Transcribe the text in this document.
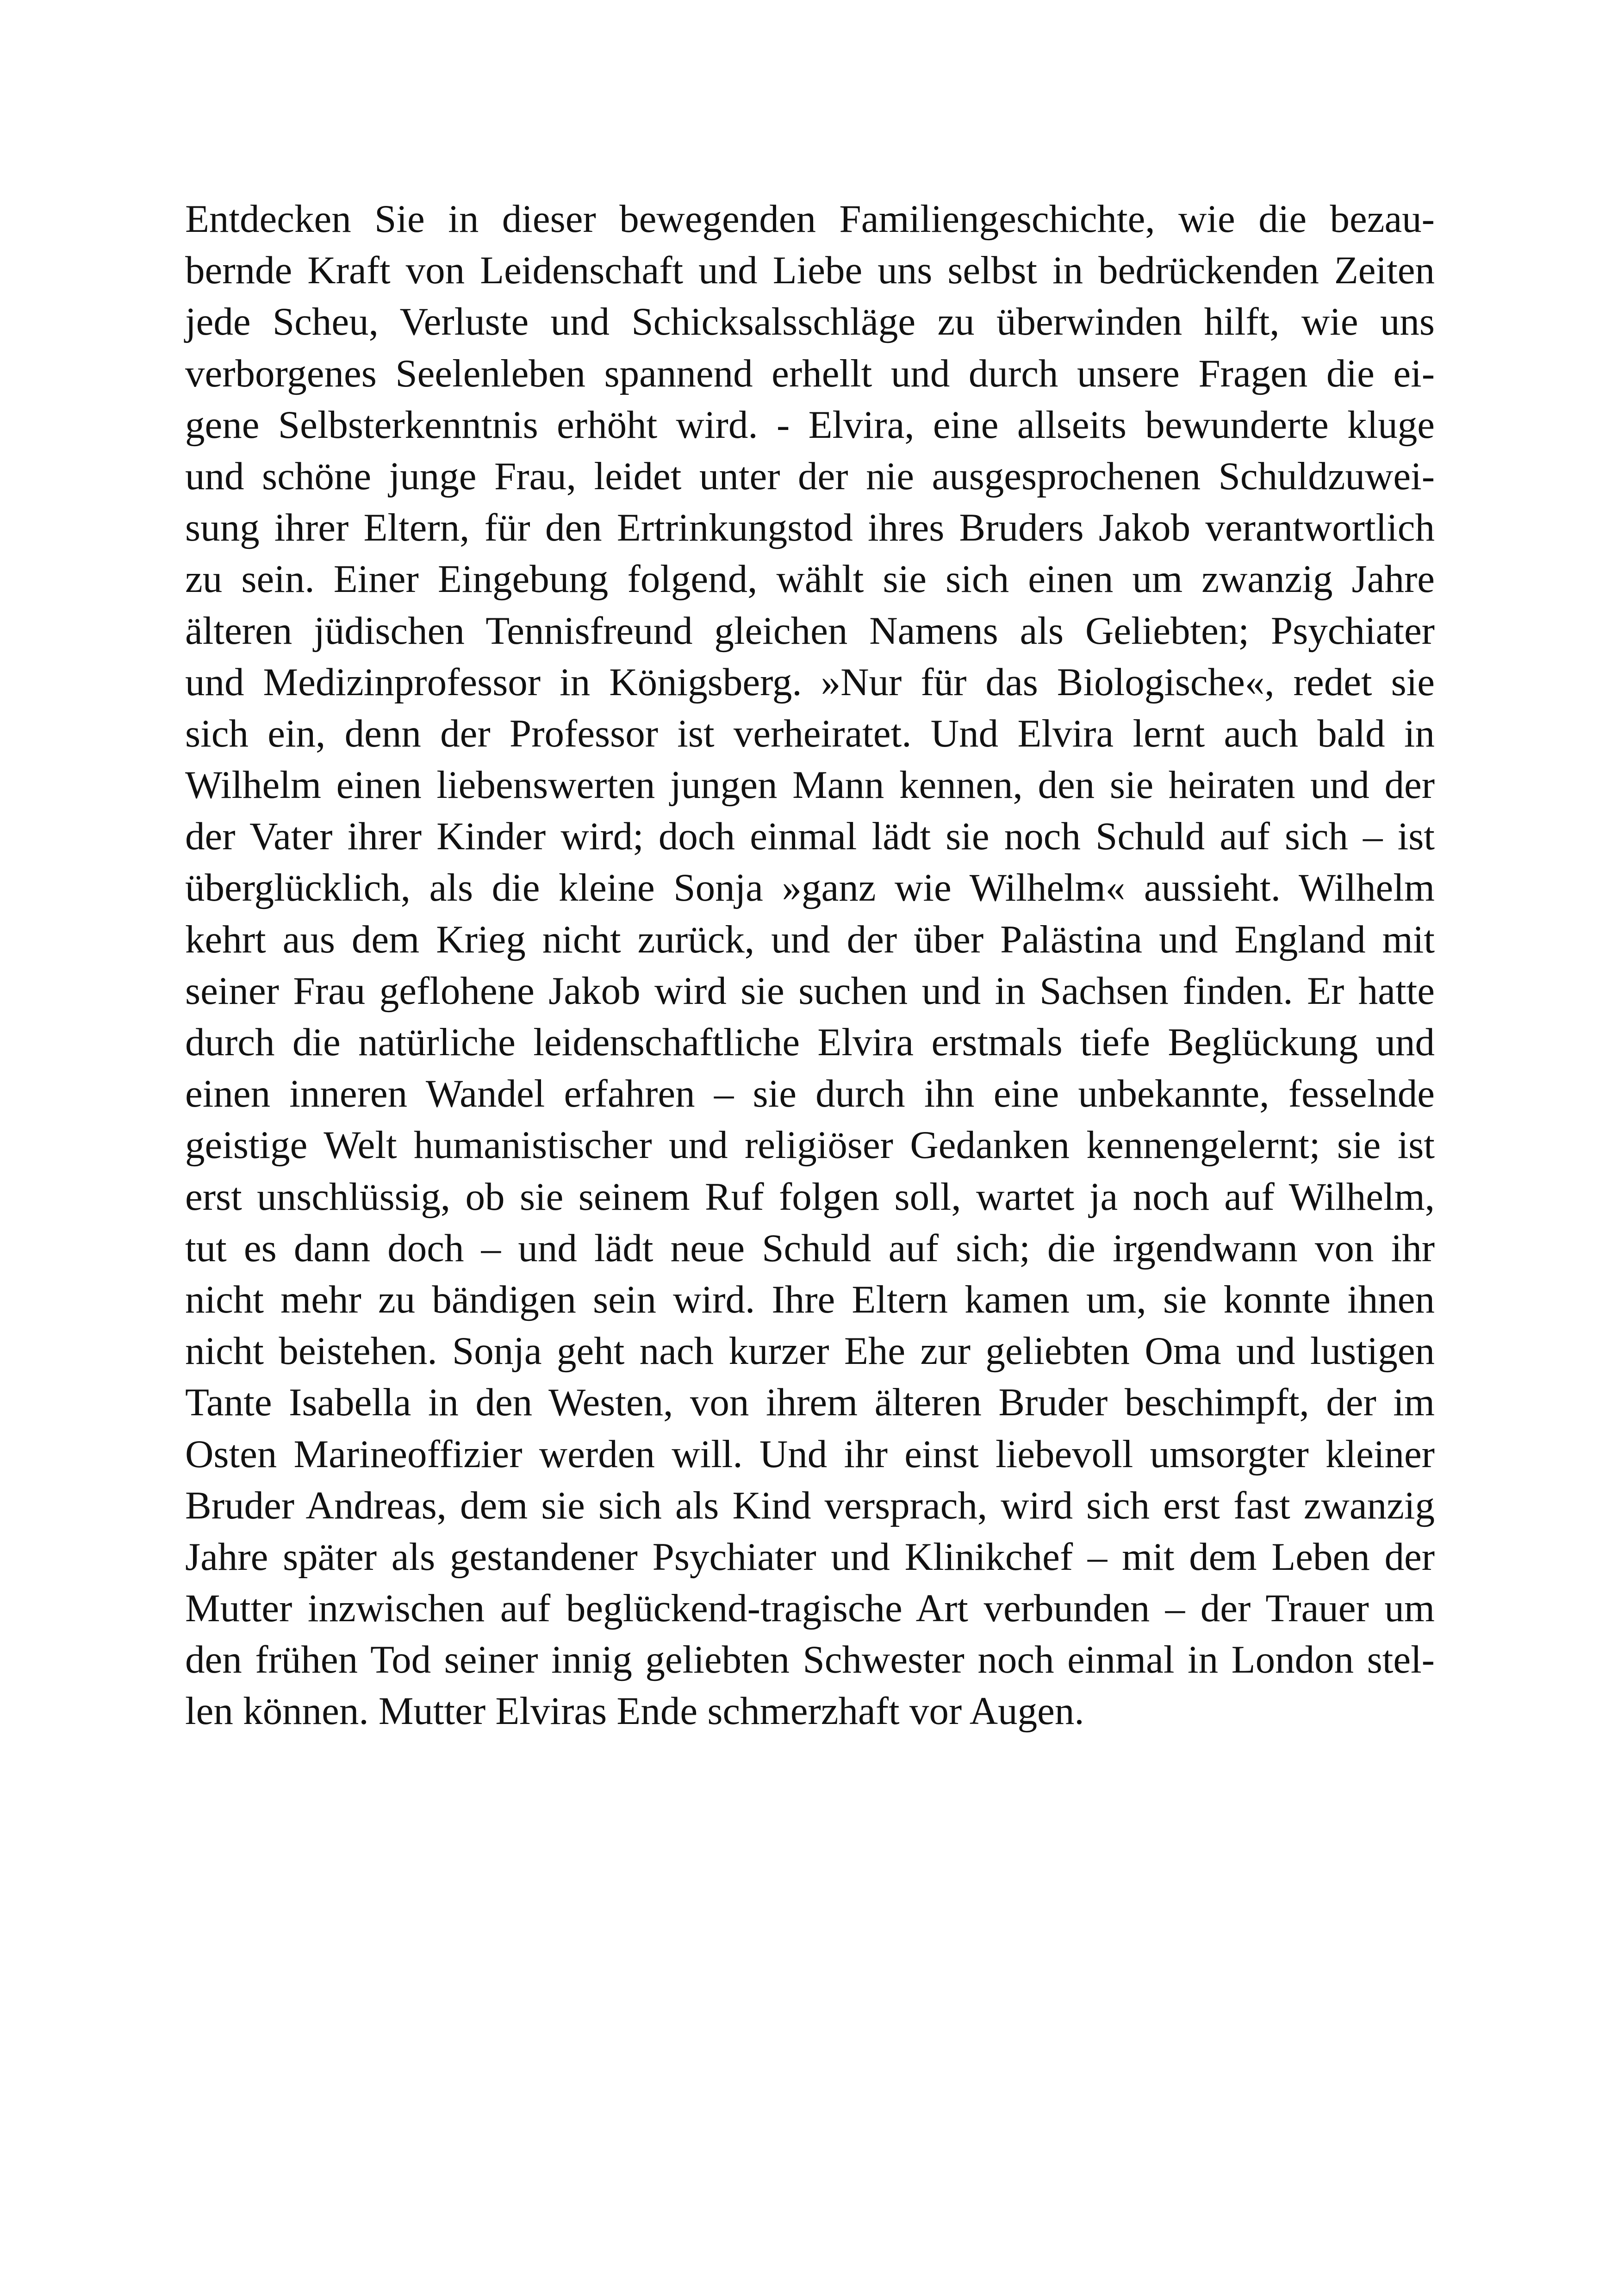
Entdecken Sie in dieser bewegenden Familiengeschichte, wie die bezau-
bernde Kraft von Leidenschaft und Liebe uns selbst in bedrückenden Zeiten
jede Scheu, Verluste und Schicksalsschläge zu überwinden hilft, wie uns
verborgenes Seelenleben spannend erhellt und durch unsere Fragen die ei-
gene Selbsterkenntnis erhöht wird. - Elvira, eine allseits bewunderte kluge
und schöne junge Frau, leidet unter der nie ausgesprochenen Schuldzuwei-
sung ihrer Eltern, für den Ertrinkungstod ihres Bruders Jakob verantwortlich
zu sein. Einer Eingebung folgend, wählt sie sich einen um zwanzig Jahre
älteren jüdischen Tennisfreund gleichen Namens als Geliebten; Psychiater
und Medizinprofessor in Königsberg. »Nur für das Biologische«, redet sie
sich ein, denn der Professor ist verheiratet. Und Elvira lernt auch bald in
Wilhelm einen liebenswerten jungen Mann kennen, den sie heiraten und der
der Vater ihrer Kinder wird; doch einmal lädt sie noch Schuld auf sich – ist
überglücklich, als die kleine Sonja »ganz wie Wilhelm« aussieht. Wilhelm
kehrt aus dem Krieg nicht zurück, und der über Palästina und England mit
seiner Frau geflohene Jakob wird sie suchen und in Sachsen finden. Er hatte
durch die natürliche leidenschaftliche Elvira erstmals tiefe Beglückung und
einen inneren Wandel erfahren – sie durch ihn eine unbekannte, fesselnde
geistige Welt humanistischer und religiöser Gedanken kennengelernt; sie ist
erst unschlüssig, ob sie seinem Ruf folgen soll, wartet ja noch auf Wilhelm,
tut es dann doch – und lädt neue Schuld auf sich; die irgendwann von ihr
nicht mehr zu bändigen sein wird. Ihre Eltern kamen um, sie konnte ihnen
nicht beistehen. Sonja geht nach kurzer Ehe zur geliebten Oma und lustigen
Tante Isabella in den Westen, von ihrem älteren Bruder beschimpft, der im
Osten Marineoffizier werden will. Und ihr einst liebevoll umsorgter kleiner
Bruder Andreas, dem sie sich als Kind versprach, wird sich erst fast zwanzig
Jahre später als gestandener Psychiater und Klinikchef – mit dem Leben der
Mutter inzwischen auf beglückend-tragische Art verbunden – der Trauer um
den frühen Tod seiner innig geliebten Schwester noch einmal in London stel-
len können. Mutter Elviras Ende schmerzhaft vor Augen.
